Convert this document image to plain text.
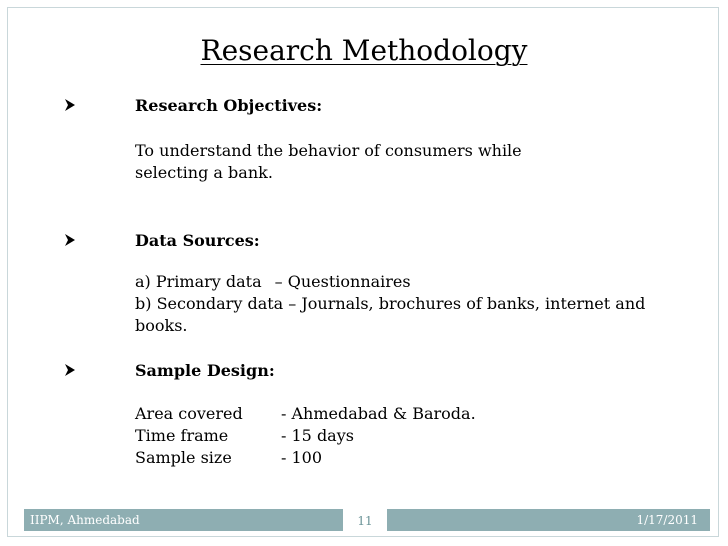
Research Methodology
Research Objectives:
To understand the behavior of consumers while
selecting a bank.
Data Sources:
a) Primary data – Questionnaires
b) Secondary data – Journals, brochures of banks, internet and
books.
Sample Design:
Area covered - Ahmedabad & Baroda.
Time frame	- 15 days
Sample size	- 100
IIPM, Ahmedabad	11	1/17/2011
